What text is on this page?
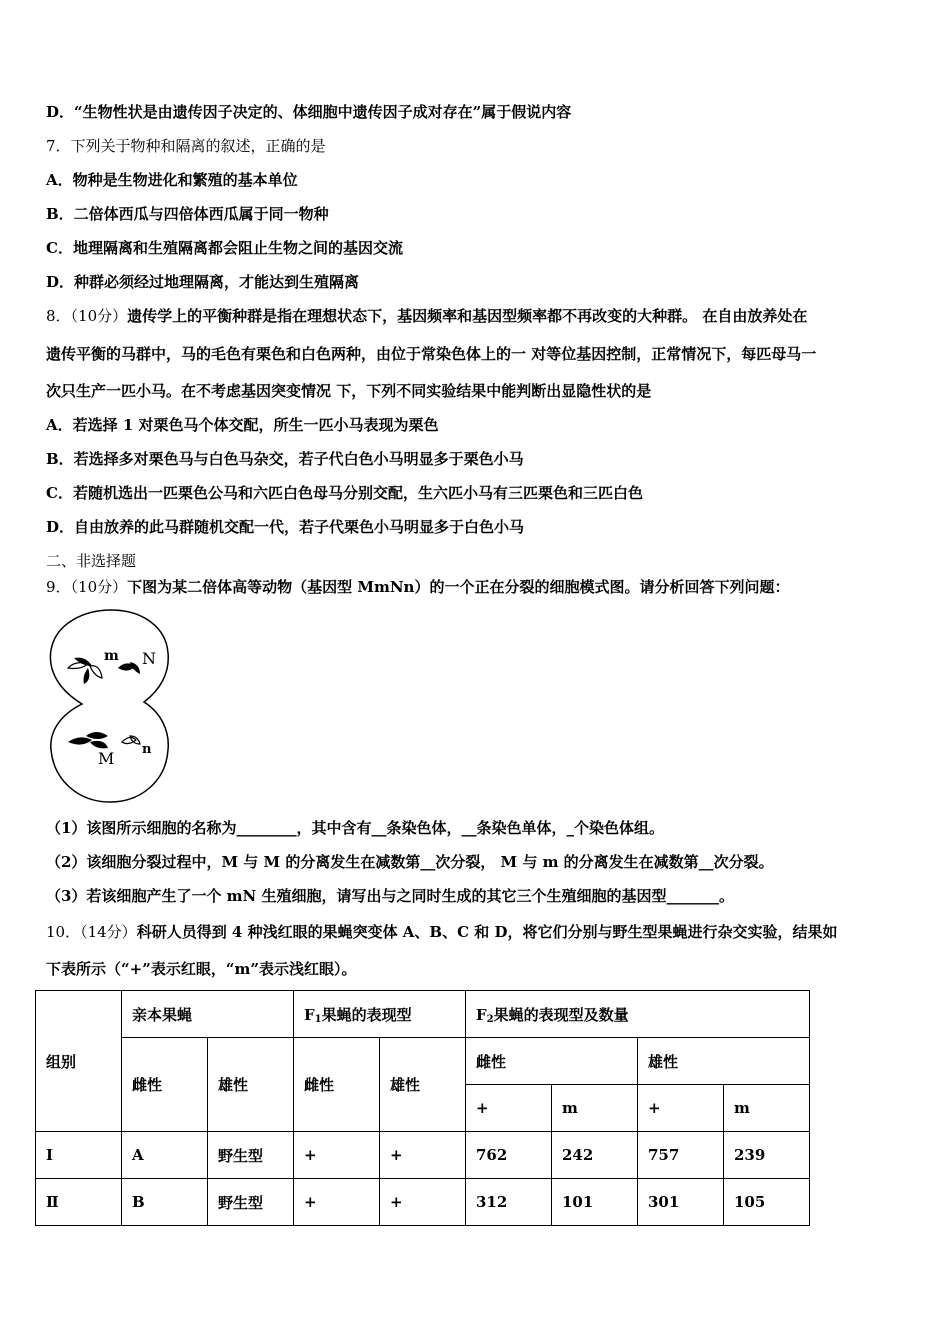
D．“生物性状是由遗传因子决定的、体细胞中遗传因子成对存在”属于假说内容
7．下列关于物种和隔离的叙述，正确的是
A．物种是生物进化和繁殖的基本单位
B．二倍体西瓜与四倍体西瓜属于同一物种
C．地理隔离和生殖隔离都会阻止生物之间的基因交流
D．种群必须经过地理隔离，才能达到生殖隔离
8．（10分）遗传学上的平衡种群是指在理想状态下，基因频率和基因型频率都不再改变的大种群。 在自由放养处在
遗传平衡的马群中，马的毛色有栗色和白色两种，由位于常染色体上的一 对等位基因控制，正常情况下，每匹母马一
次只生产一匹小马。在不考虑基因突变情况 下，下列不同实验结果中能判断出显隐性状的是
A．若选择 1 对栗色马个体交配，所生一匹小马表现为栗色
B．若选择多对栗色马与白色马杂交，若子代白色小马明显多于栗色小马
C．若随机选出一匹栗色公马和六匹白色母马分别交配，生六匹小马有三匹栗色和三匹白色
D．自由放养的此马群随机交配一代，若子代栗色小马明显多于白色小马
二、非选择题
9．（10分）下图为某二倍体高等动物（基因型 MmNn）的一个正在分裂的细胞模式图。请分析回答下列问题：
m N
M n
（1）该图所示细胞的名称为________，其中含有__条染色体，__条染色单体，_个染色体组。
（2）该细胞分裂过程中，M 与 M 的分离发生在减数第__次分裂， M 与 m 的分离发生在减数第__次分裂。
（3）若该细胞产生了一个 mN 生殖细胞，请写出与之同时生成的其它三个生殖细胞的基因型_______。
10．（14分）科研人员得到 4 种浅红眼的果蝇突变体 A、B、C 和 D，将它们分别与野生型果蝇进行杂交实验，结果如
下表所示（“+”表示红眼，“m”表示浅红眼）。
组别	亲本果蝇		$F_1$果蝇的表现型		$F_2$果蝇的表现型及数量			
	雌性	雄性	雌性	雄性	雌性		雄性	
					+	m	+	m
Ⅰ	A	野生型	+	+	762	242	757	239
Ⅱ	B	野生型	+	+	312	101	301	105
